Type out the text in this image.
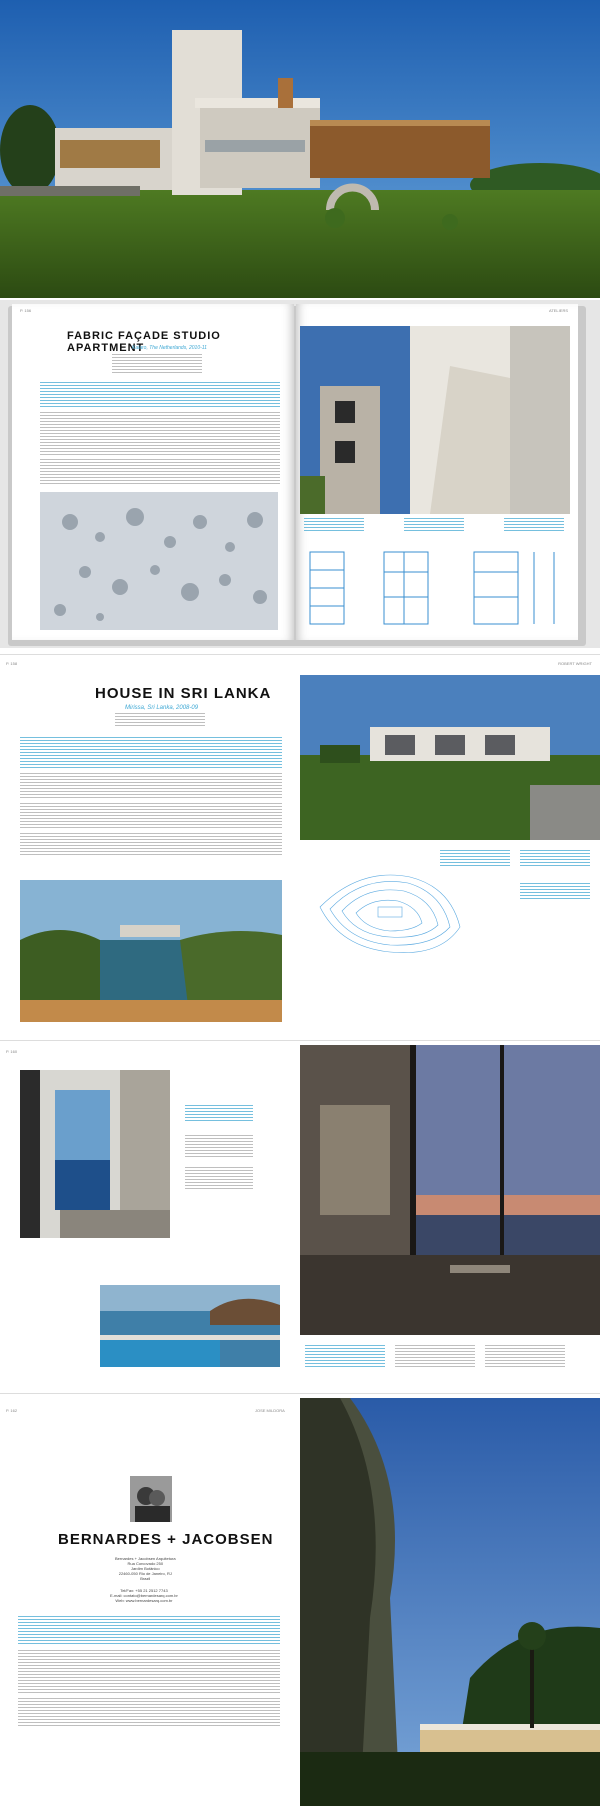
P. 156
FABRIC FAÇADE STUDIO APARTMENT
Kalaro, The Netherlands, 2010-11
ATELIERS
P. 158	ROBERT WRIGHT
HOUSE IN SRI LANKA
Mirissa, Sri Lanka, 2008-09
P. 160
P. 162	JOSE MILDORA
BERNARDES + JACOBSEN
Bernardes + Jacobsen Arquitetura
Rua Corcovado 250
Jardim Botânico
22460-050 Rio de Janeiro, RJ
Brazil
Tel/Fax: +55 21 2512 7743
E-mail: contato@bernardesarq.com.br
Web: www.bernardesarq.com.br
